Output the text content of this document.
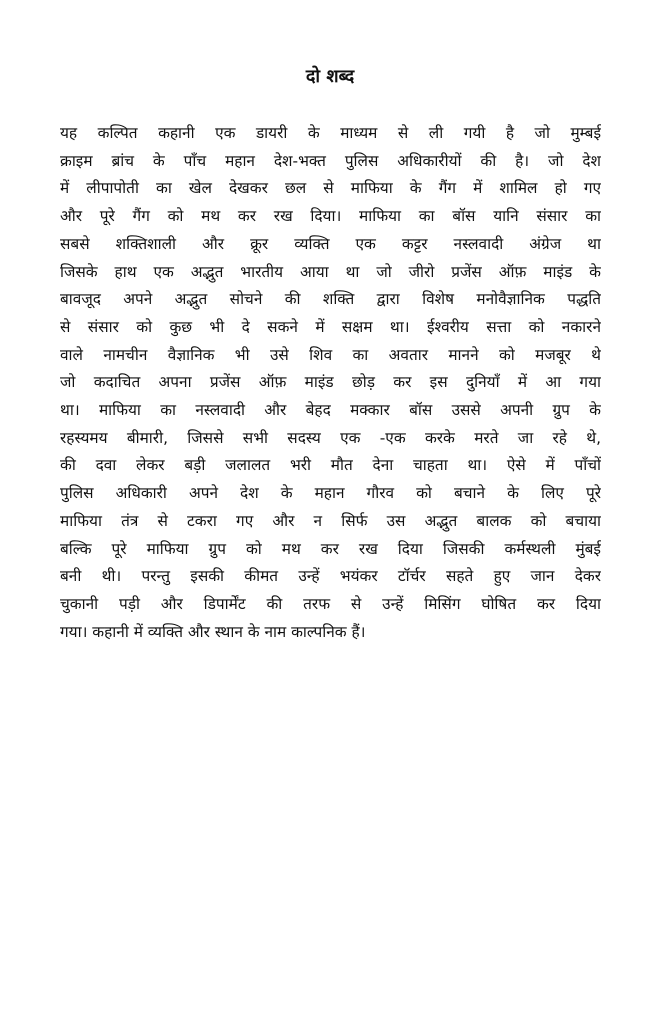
दो शब्द
यह कल्पित कहानी एक डायरी के माध्यम से ली गयी है जो मुम्बई
क्राइम ब्रांच के पाँच महान देश-भक्त पुलिस अधिकारीयों की है। जो देश
में लीपापोती का खेल देखकर छल से माफिया के गैंग में शामिल हो गए
और पूरे गैंग को मथ कर रख दिया। माफिया का बॉस यानि संसार का
सबसे शक्तिशाली और क्रूर व्यक्ति एक कट्टर नस्लवादी अंग्रेज था
जिसके हाथ एक अद्भुत भारतीय आया था जो जीरो प्रजेंस ऑफ़ माइंड के
बावजूद अपने अद्भुत सोचने की शक्ति द्वारा विशेष मनोवैज्ञानिक पद्धति
से संसार को कुछ भी दे सकने में सक्षम था। ईश्वरीय सत्ता को नकारने
वाले नामचीन वैज्ञानिक भी उसे शिव का अवतार मानने को मजबूर थे
जो कदाचित अपना प्रजेंस ऑफ़ माइंड छोड़ कर इस दुनियाँ में आ गया
था। माफिया का नस्लवादी और बेहद मक्कार बॉस उससे अपनी ग्रुप के
रहस्यमय बीमारी, जिससे सभी सदस्य एक -एक करके मरते जा रहे थे,
की दवा लेकर बड़ी जलालत भरी मौत देना चाहता था। ऐसे में पाँचों
पुलिस अधिकारी अपने देश के महान गौरव को बचाने के लिए पूरे
माफिया तंत्र से टकरा गए और न सिर्फ उस अद्भुत बालक को बचाया
बल्कि पूरे माफिया ग्रुप को मथ कर रख दिया जिसकी कर्मस्थली मुंबई
बनी थी। परन्तु इसकी कीमत उन्हें भयंकर टॉर्चर सहते हुए जान देकर
चुकानी पड़ी और डिपार्मेंट की तरफ से उन्हें मिसिंग घोषित कर दिया
गया। कहानी में व्यक्ति और स्थान के नाम काल्पनिक हैं।
